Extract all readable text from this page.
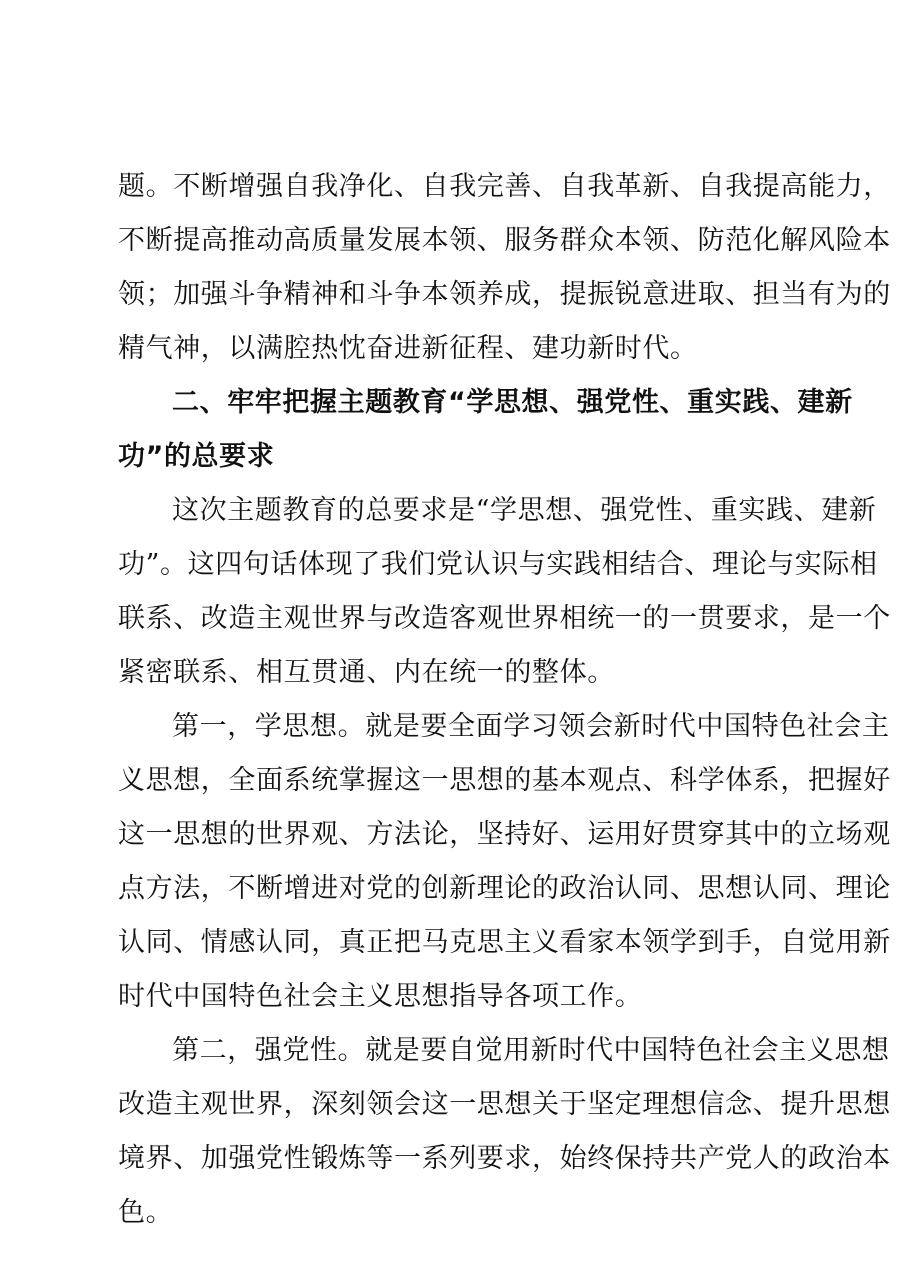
题。不断增强自我净化、自我完善、自我革新、自我提高能力，
不断提高推动高质量发展本领、服务群众本领、防范化解风险本
领；加强斗争精神和斗争本领养成，提振锐意进取、担当有为的
精气神，以满腔热忱奋进新征程、建功新时代。
二、牢牢把握主题教育“学思想、强党性、重实践、建新
功”的总要求
这次主题教育的总要求是“学思想、强党性、重实践、建新
功”。这四句话体现了我们党认识与实践相结合、理论与实际相
联系、改造主观世界与改造客观世界相统一的一贯要求，是一个
紧密联系、相互贯通、内在统一的整体。
第一，学思想。就是要全面学习领会新时代中国特色社会主
义思想，全面系统掌握这一思想的基本观点、科学体系，把握好
这一思想的世界观、方法论，坚持好、运用好贯穿其中的立场观
点方法，不断增进对党的创新理论的政治认同、思想认同、理论
认同、情感认同，真正把马克思主义看家本领学到手，自觉用新
时代中国特色社会主义思想指导各项工作。
第二，强党性。就是要自觉用新时代中国特色社会主义思想
改造主观世界，深刻领会这一思想关于坚定理想信念、提升思想
境界、加强党性锻炼等一系列要求，始终保持共产党人的政治本
色。
